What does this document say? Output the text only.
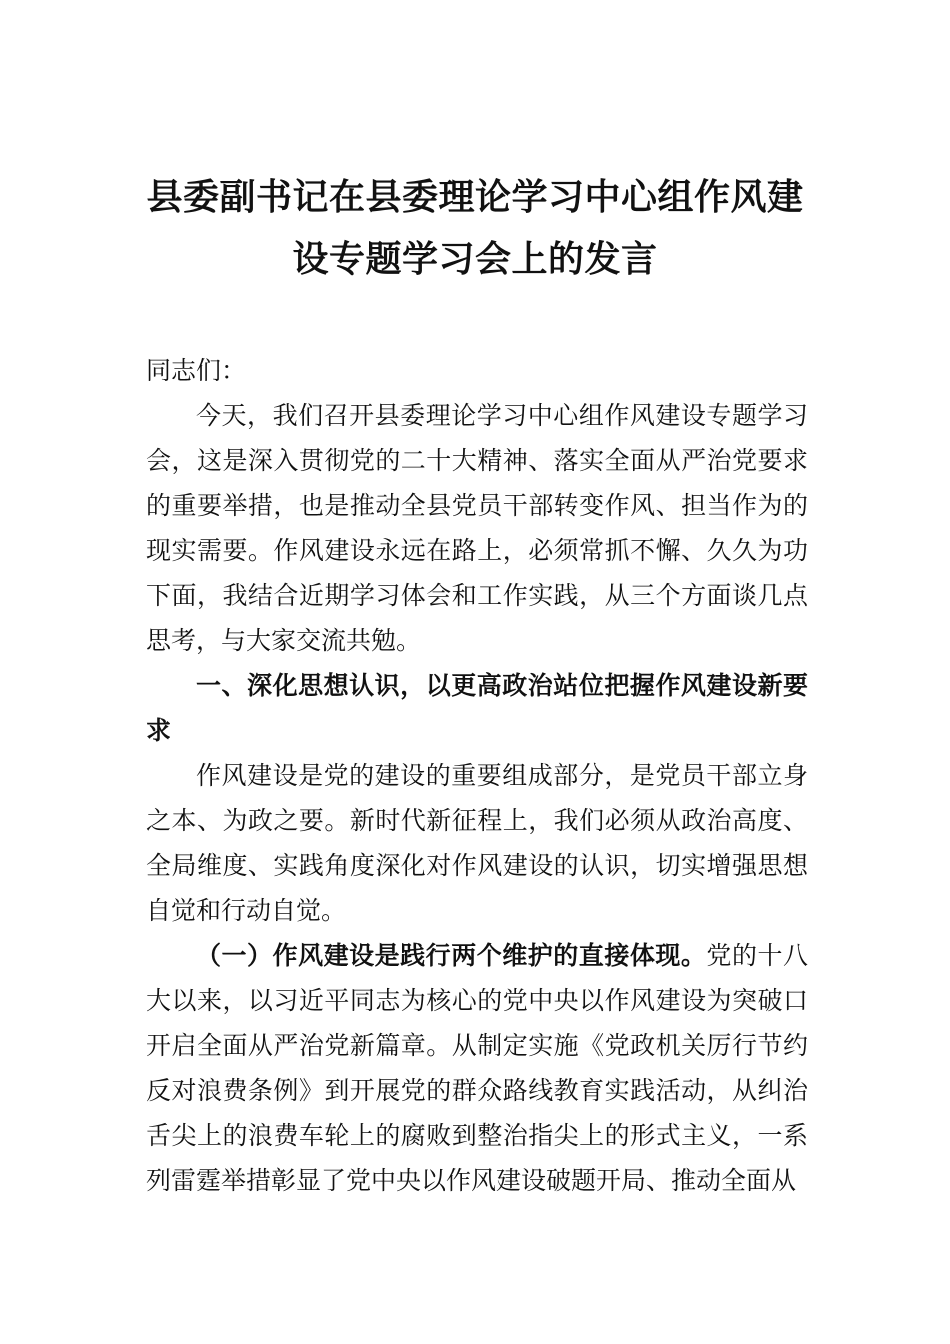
县委副书记在县委理论学习中心组作风建设专题学习会上的发言

同志们：

今天，我们召开县委理论学习中心组作风建设专题学习会，这是深入贯彻党的二十大精神、落实全面从严治党要求的重要举措，也是推动全县党员干部转变作风、担当作为的现实需要。作风建设永远在路上，必须常抓不懈、久久为功下面，我结合近期学习体会和工作实践，从三个方面谈几点思考，与大家交流共勉。

一、深化思想认识，以更高政治站位把握作风建设新要求

作风建设是党的建设的重要组成部分，是党员干部立身之本、为政之要。新时代新征程上，我们必须从政治高度、全局维度、实践角度深化对作风建设的认识，切实增强思想自觉和行动自觉。

（一）作风建设是践行两个维护的直接体现。党的十八大以来，以习近平同志为核心的党中央以作风建设为突破口开启全面从严治党新篇章。从制定实施《党政机关厉行节约反对浪费条例》到开展党的群众路线教育实践活动，从纠治舌尖上的浪费车轮上的腐败到整治指尖上的形式主义，一系列雷霆举措彰显了党中央以作风建设破题开局、推动全面从
